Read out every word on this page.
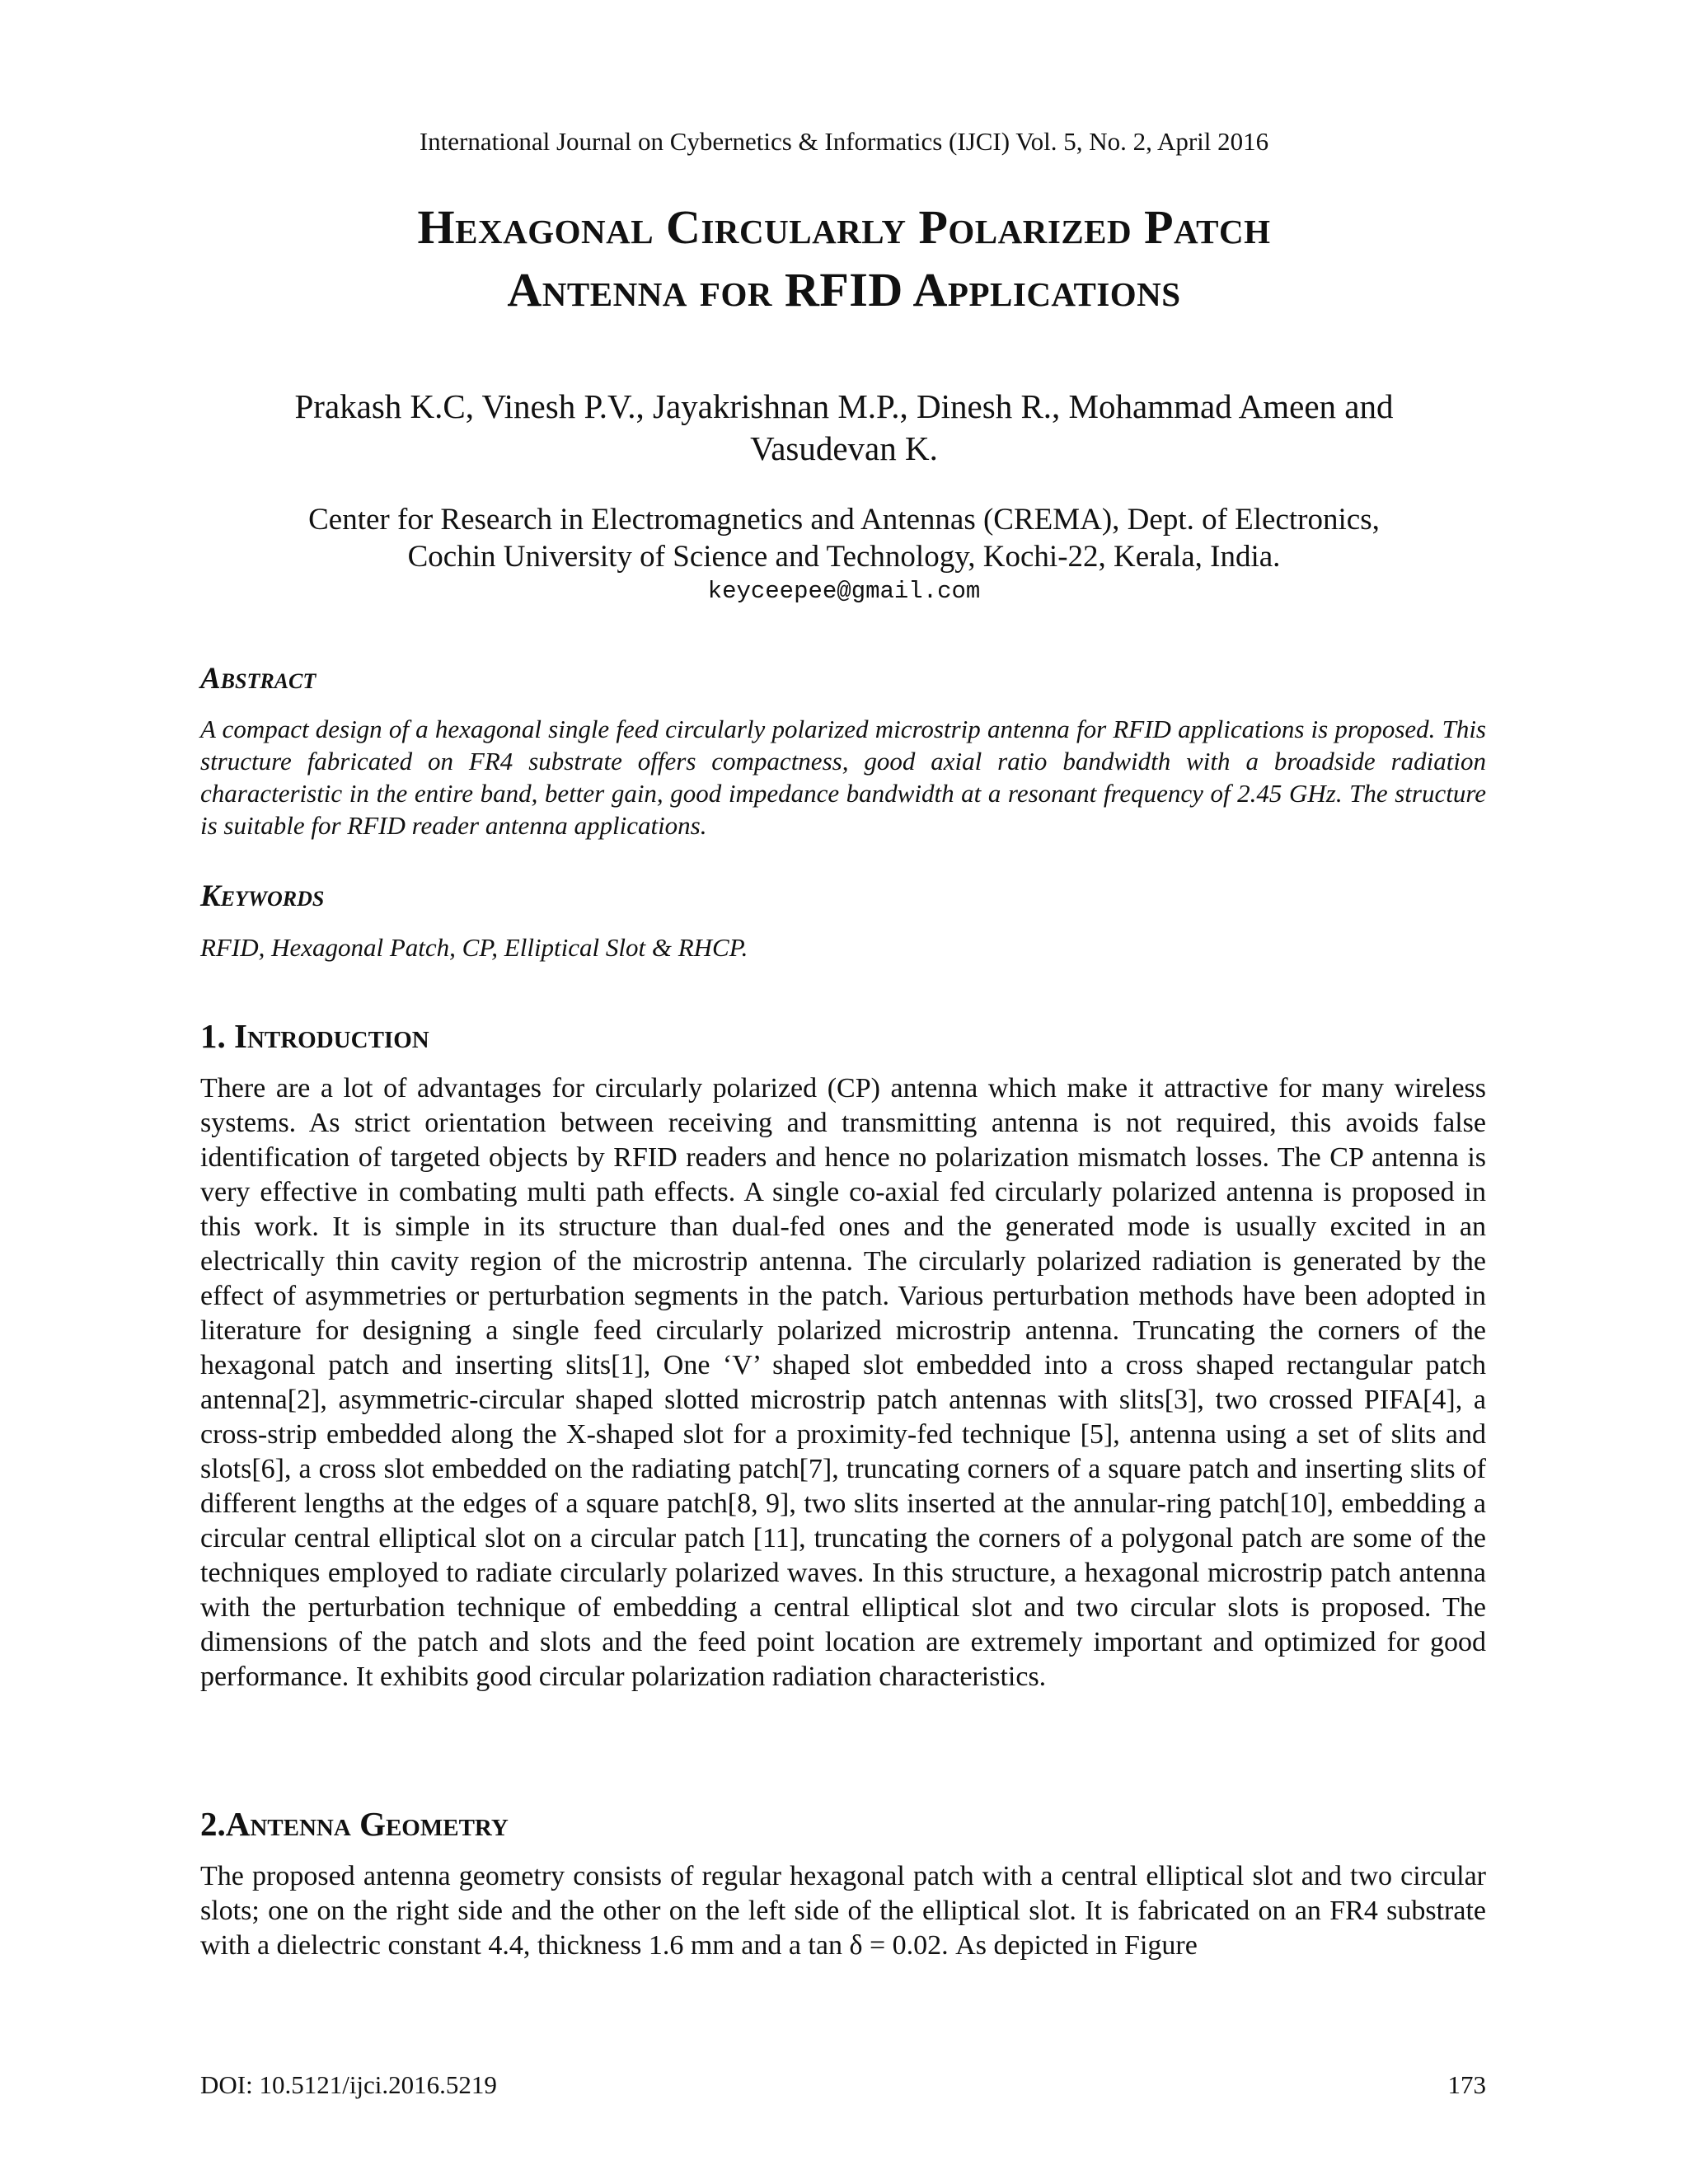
International Journal on Cybernetics & Informatics (IJCI) Vol. 5, No. 2, April 2016
Hexagonal Circularly Polarized Patch
Antenna for RFID Applications
Prakash K.C, Vinesh P.V., Jayakrishnan M.P., Dinesh R., Mohammad Ameen and
Vasudevan K.
Center for Research in Electromagnetics and Antennas (CREMA), Dept. of Electronics,
Cochin University of Science and Technology, Kochi-22, Kerala, India.
keyceepee@gmail.com
Abstract

A compact design of a hexagonal single feed circularly polarized microstrip antenna for RFID applications is proposed. This structure fabricated on FR4 substrate offers compactness, good axial ratio bandwidth with a broadside radiation characteristic in the entire band, better gain, good impedance bandwidth at a resonant frequency of 2.45 GHz. The structure is suitable for RFID reader antenna applications.

Keywords

RFID, Hexagonal Patch, CP, Elliptical Slot & RHCP.

1. Introduction

There are a lot of advantages for circularly polarized (CP) antenna which make it attractive for many wireless systems. As strict orientation between receiving and transmitting antenna is not required, this avoids false identification of targeted objects by RFID readers and hence no polarization mismatch losses. The CP antenna is very effective in combating multi path effects. A single co-axial fed circularly polarized antenna is proposed in this work. It is simple in its structure than dual-fed ones and the generated mode is usually excited in an electrically thin cavity region of the microstrip antenna. The circularly polarized radiation is generated by the effect of asymmetries or perturbation segments in the patch. Various perturbation methods have been adopted in literature for designing a single feed circularly polarized microstrip antenna. Truncating the corners of the hexagonal patch and inserting slits[1], One ‘V’ shaped slot embedded into a cross shaped rectangular patch antenna[2], asymmetric-circular shaped slotted microstrip patch antennas with slits[3], two crossed PIFA[4], a cross-strip embedded along the X-shaped slot for a proximity-fed technique [5], antenna using a set of slits and slots[6], a cross slot embedded on the radiating patch[7], truncating corners of a square patch and inserting slits of different lengths at the edges of a square patch[8, 9], two slits inserted at the annular-ring patch[10], embedding a circular central elliptical slot on a circular patch [11], truncating the corners of a polygonal patch are some of the techniques employed to radiate circularly polarized waves. In this structure, a hexagonal microstrip patch antenna with the perturbation technique of embedding a central elliptical slot and two circular slots is proposed. The dimensions of the patch and slots and the feed point location are extremely important and optimized for good performance. It exhibits good circular polarization radiation characteristics.

2.Antenna Geometry

The proposed antenna geometry consists of regular hexagonal patch with a central elliptical slot and two circular slots; one on the right side and the other on the left side of the elliptical slot. It is fabricated on an FR4 substrate with a dielectric constant 4.4, thickness 1.6 mm and a tan δ = 0.02. As depicted in Figure

DOI: 10.5121/ijci.2016.5219	173
